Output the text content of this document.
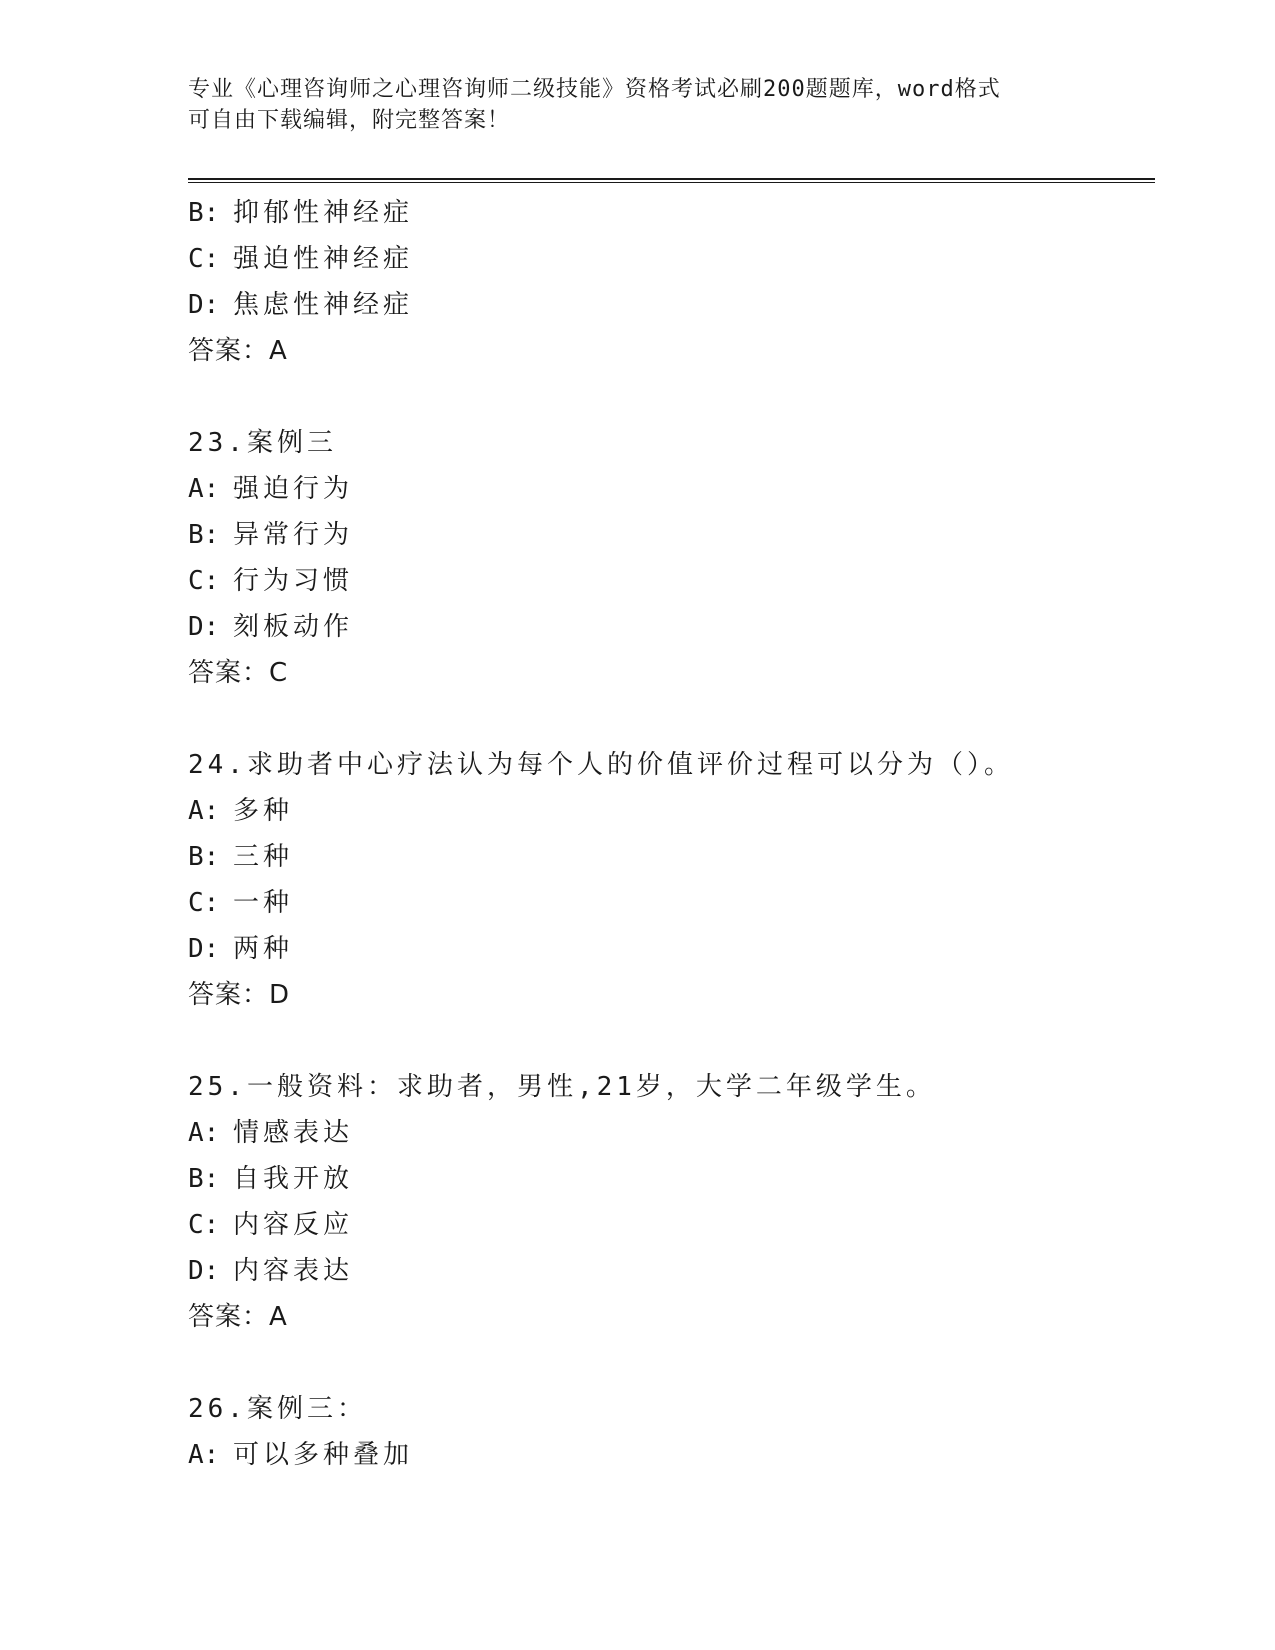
专业《心理咨询师之心理咨询师二级技能》资格考试必刷200题题库，word格式
可自由下载编辑，附完整答案！
B: 抑郁性神经症
C: 强迫性神经症
D: 焦虑性神经症
答案：A
23.案例三
A: 强迫行为
B: 异常行为
C: 行为习惯
D: 刻板动作
答案：C
24.求助者中心疗法认为每个人的价值评价过程可以分为（）。
A: 多种
B: 三种
C: 一种
D: 两种
答案：D
25.一般资料：求助者，男性,21岁，大学二年级学生。
A: 情感表达
B: 自我开放
C: 内容反应
D: 内容表达
答案：A
26.案例三：
A: 可以多种叠加
